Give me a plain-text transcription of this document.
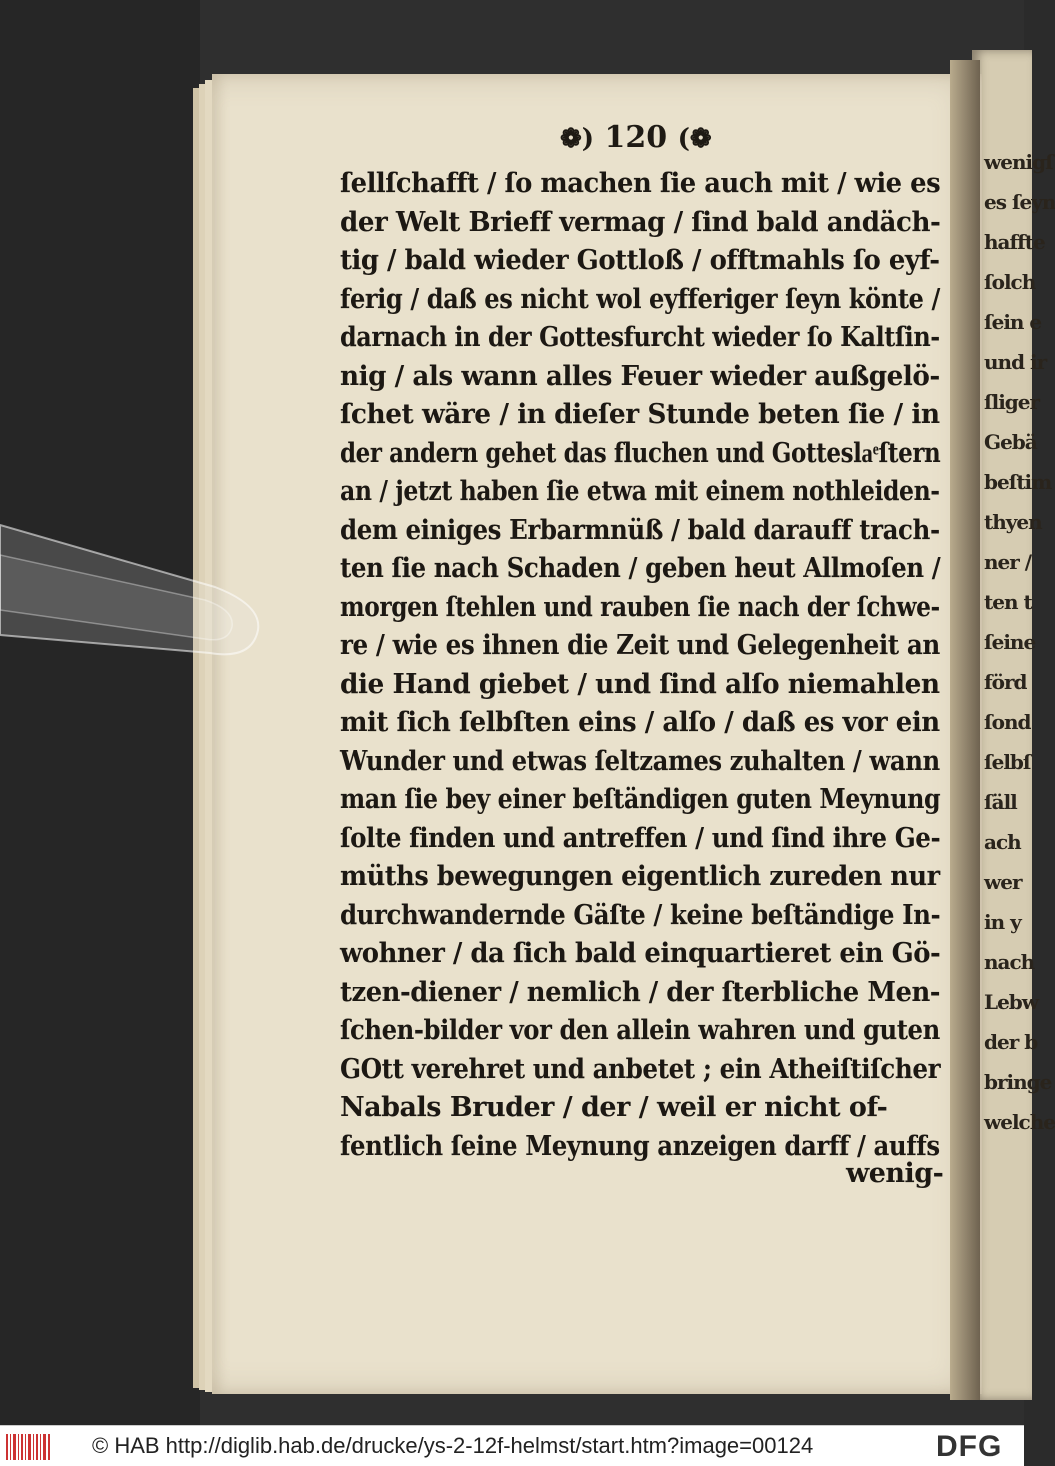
wenigſ
es ſeyn
haffte
ſolch
ſein e
und ir
ſliger
Gebä
beſtim
thyen
ner /
ten t
ſeine
förd
ſond
ſelbſ
ſäll
ach
wer
in y
nach
Lebw
der b
bringe
welche
❁) 120 (❁
ſellſchafft / ſo machen ſie auch mit / wie es
der Welt Brieff vermag / ſind bald andäch-
tig / bald wieder Gottloß / offtmahls ſo eyf-
ferig / daß es nicht wol eyfferiger ſeyn könte /
darnach in der Gottesfurcht wieder ſo Kaltſin-
nig / als wann alles Feuer wieder außgelö-
ſchet wäre / in dieſer Stunde beten ſie / in
der andern gehet das fluchen und Gotteslaͤſtern
an / jetzt haben ſie etwa mit einem nothleiden-
dem einiges Erbarmnüß / bald darauff trach-
ten ſie nach Schaden / geben heut Allmoſen /
morgen ſtehlen und rauben ſie nach der ſchwe-
re / wie es ihnen die Zeit und Gelegenheit an
die Hand giebet / und ſind alſo niemahlen
mit ſich ſelbſten eins / alſo / daß es vor ein
Wunder und etwas ſeltzames zuhalten / wann
man ſie bey einer beſtändigen guten Meynung
ſolte finden und antreffen / und ſind ihre Ge-
müths bewegungen eigentlich zureden nur
durchwandernde Gäſte / keine beſtändige In-
wohner / da ſich bald einquartieret ein Gö-
tzen-diener / nemlich / der ſterbliche Men-
ſchen-bilder vor den allein wahren und guten
GOtt verehret und anbetet ; ein Atheiſtiſcher
Nabals Bruder / der / weil er nicht of-
fentlich ſeine Meynung anzeigen darff / auffs
wenig-
© HAB http://diglib.hab.de/drucke/ys-2-12f-helmst/start.htm?image=00124	DFG
